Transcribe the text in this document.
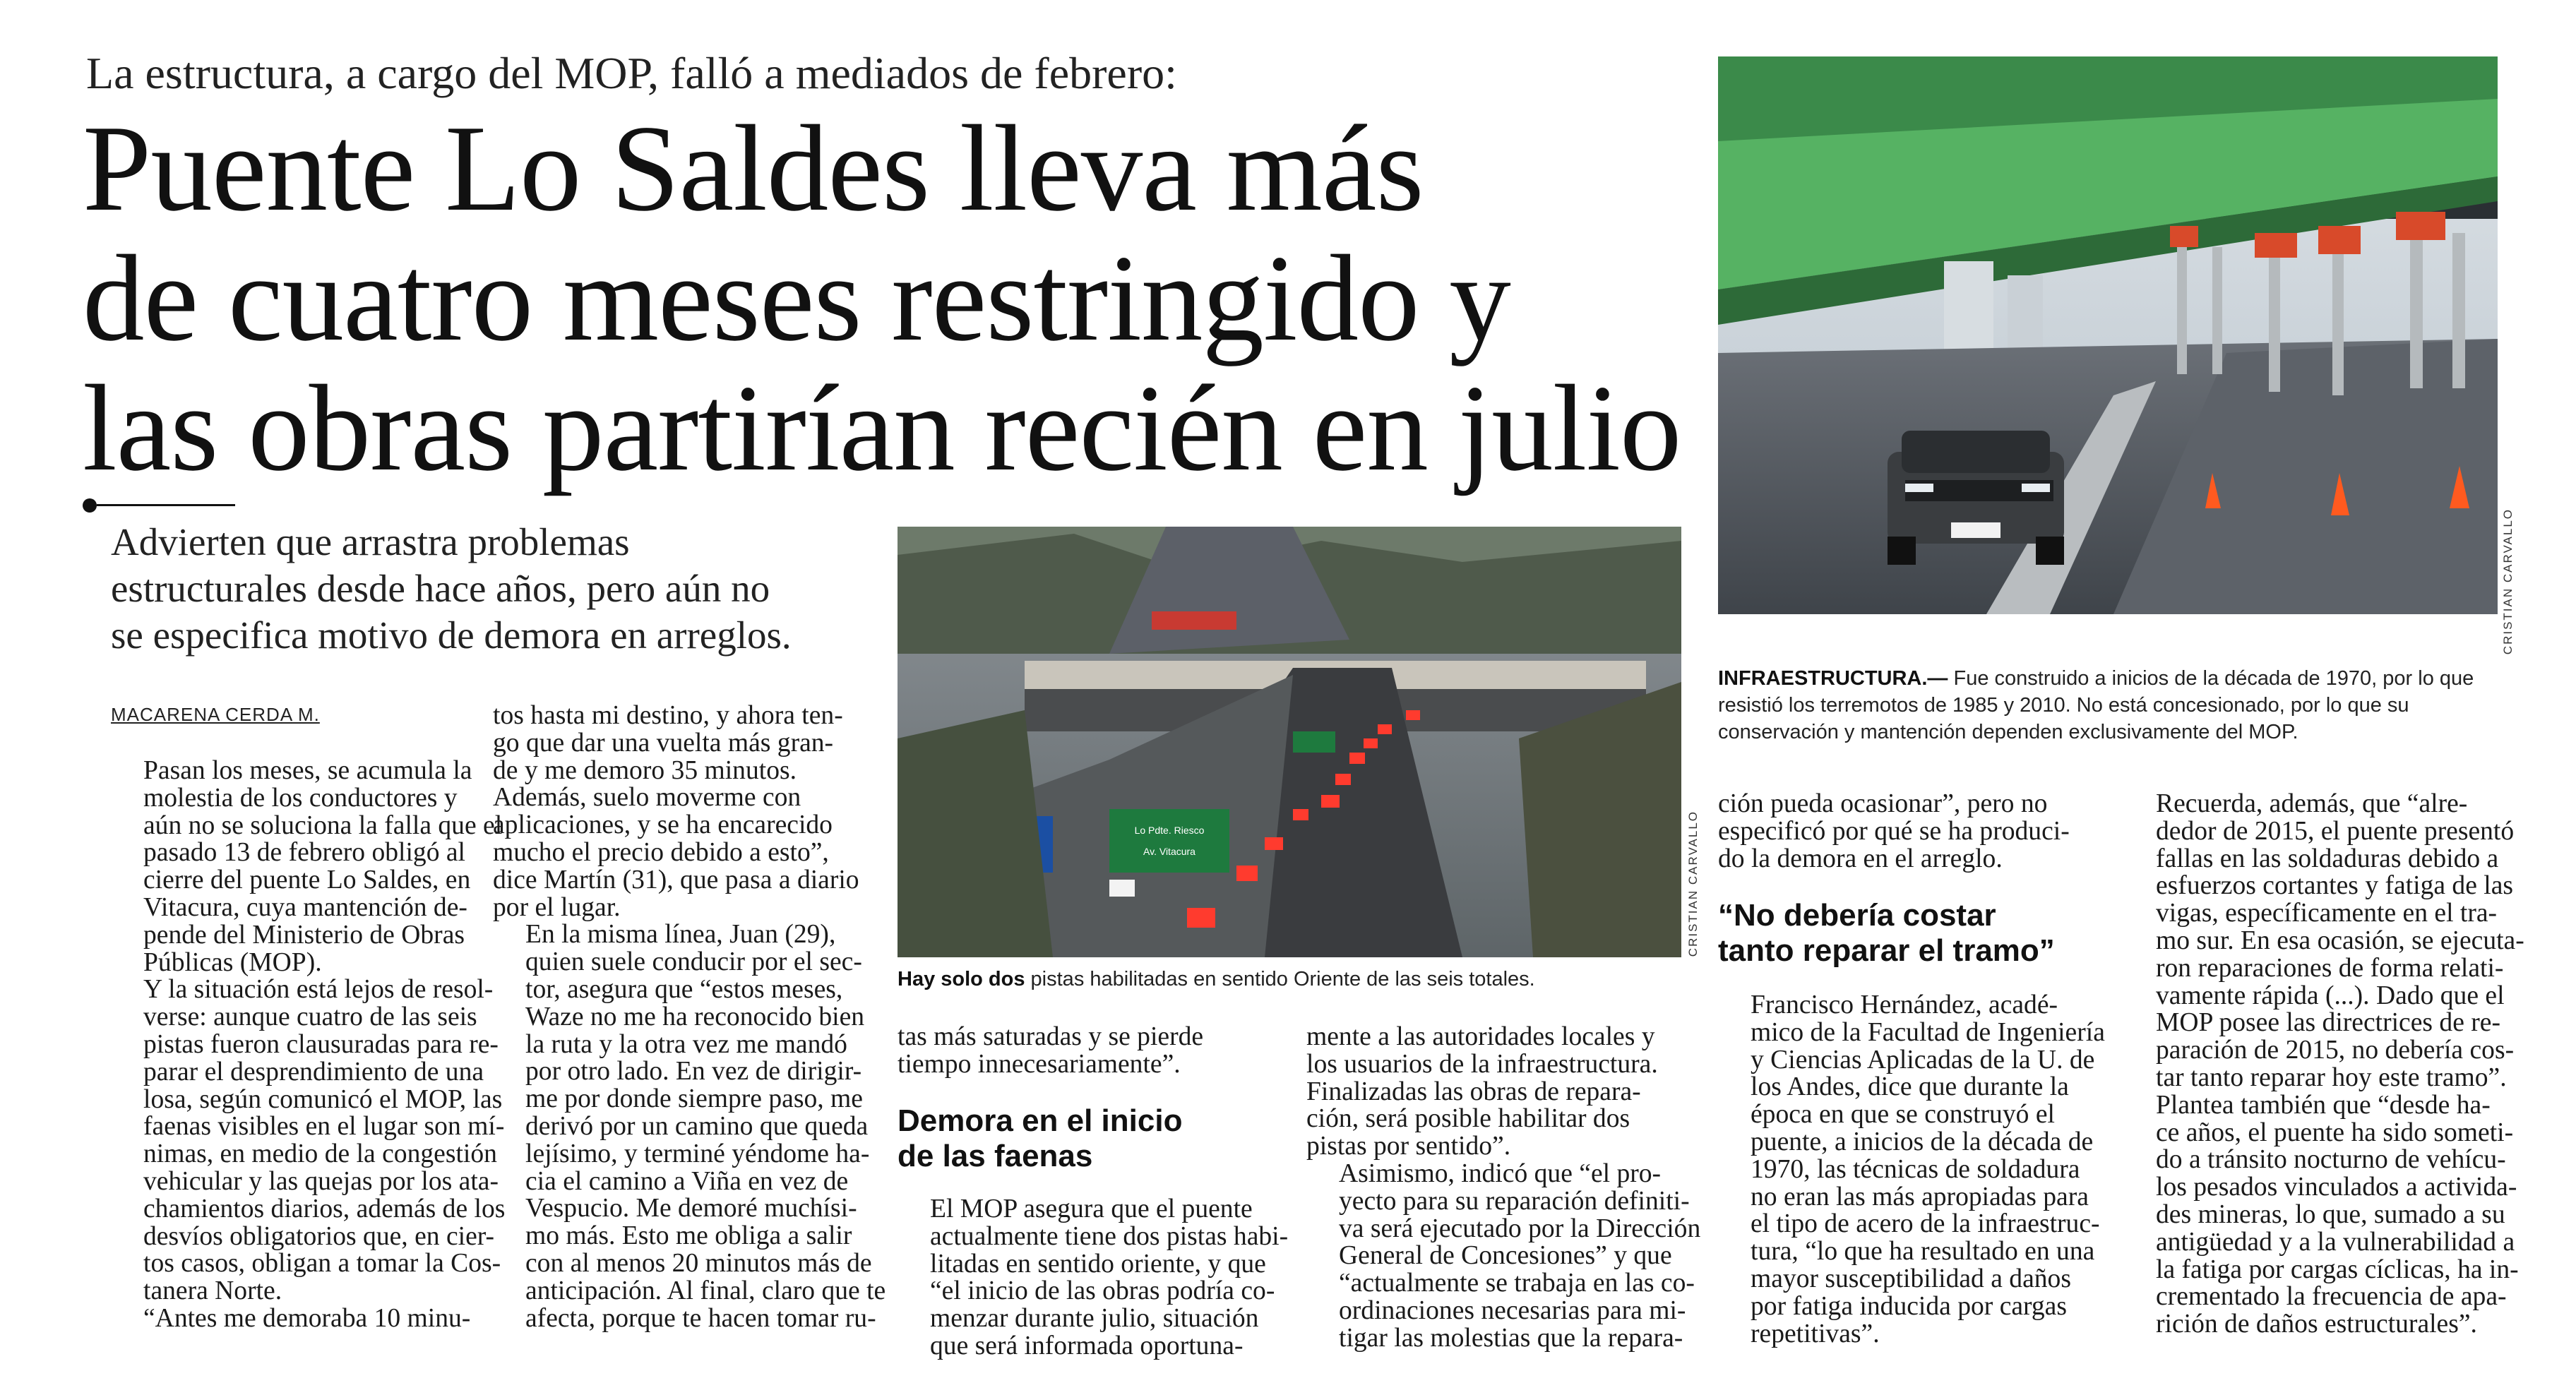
La estructura, a cargo del MOP, falló a mediados de febrero:
Puente Lo Saldes lleva más
de cuatro meses restringido y
las obras partirían recién en julio
Advierten que arrastra problemas
estructurales desde hace años, pero aún no
se especifica motivo de demora en arreglos.
MACARENA CERDA M.
CRISTIAN CARVALLO
INFRAESTRUCTURA.— Fue construido a inicios de la década de 1970, por lo que resistió los terremotos de 1985 y 2010. No está concesionado, por lo que su conservación y mantención dependen exclusivamente del MOP.
Lo Pdte. Riesco
Av. Vitacura	CRISTIAN CARVALLO
Hay solo dos pistas habilitadas en sentido Oriente de las seis totales.

Pasan los meses, se acumula la
molestia de los conductores y
aún no se soluciona la falla que el
pasado 13 de febrero obligó al
cierre del puente Lo Saldes, en
Vitacura, cuya mantención de-
pende del Ministerio de Obras
Públicas (MOP).

Y la situación está lejos de resol-
verse: aunque cuatro de las seis
pistas fueron clausuradas para re-
parar el desprendimiento de una
losa, según comunicó el MOP, las
faenas visibles en el lugar son mí-
nimas, en medio de la congestión
vehicular y las quejas por los ata-
chamientos diarios, además de los
desvíos obligatorios que, en cier-
tos casos, obligan a tomar la Cos-
tanera Norte.

“Antes me demoraba 10 minu-

tos hasta mi destino, y ahora ten-
go que dar una vuelta más gran-
de y me demoro 35 minutos.
Además, suelo moverme con
aplicaciones, y se ha encarecido
mucho el precio debido a esto”,
dice Martín (31), que pasa a diario
por el lugar.

En la misma línea, Juan (29),
quien suele conducir por el sec-
tor, asegura que “estos meses,
Waze no me ha reconocido bien
la ruta y la otra vez me mandó
por otro lado. En vez de dirigir-
me por donde siempre paso, me
derivó por un camino que queda
lejísimo, y terminé yéndome ha-
cia el camino a Viña en vez de
Vespucio. Me demoré muchísi-
mo más. Esto me obliga a salir
con al menos 20 minutos más de
anticipación. Al final, claro que te
afecta, porque te hacen tomar ru-

tas más saturadas y se pierde
tiempo innecesariamente”.

Demora en el inicio
de las faenas

El MOP asegura que el puente
actualmente tiene dos pistas habi-
litadas en sentido oriente, y que
“el inicio de las obras podría co-
menzar durante julio, situación
que será informada oportuna-

mente a las autoridades locales y
los usuarios de la infraestructura.
Finalizadas las obras de repara-
ción, será posible habilitar dos
pistas por sentido”.

Asimismo, indicó que “el pro-
yecto para su reparación definiti-
va será ejecutado por la Dirección
General de Concesiones” y que
“actualmente se trabaja en las co-
ordinaciones necesarias para mi-
tigar las molestias que la repara-

ción pueda ocasionar”, pero no
especificó por qué se ha produci-
do la demora en el arreglo.

“No debería costar
tanto reparar el tramo”

Francisco Hernández, acadé-
mico de la Facultad de Ingeniería
y Ciencias Aplicadas de la U. de
los Andes, dice que durante la
época en que se construyó el
puente, a inicios de la década de
1970, las técnicas de soldadura
no eran las más apropiadas para
el tipo de acero de la infraestruc-
tura, “lo que ha resultado en una
mayor susceptibilidad a daños
por fatiga inducida por cargas
repetitivas”.

Recuerda, además, que “alre-
dedor de 2015, el puente presentó
fallas en las soldaduras debido a
esfuerzos cortantes y fatiga de las
vigas, específicamente en el tra-
mo sur. En esa ocasión, se ejecuta-
ron reparaciones de forma relati-
vamente rápida (...). Dado que el
MOP posee las directrices de re-
paración de 2015, no debería cos-
tar tanto reparar hoy este tramo”.

Plantea también que “desde ha-
ce años, el puente ha sido someti-
do a tránsito nocturno de vehícu-
los pesados vinculados a activida-
des mineras, lo que, sumado a su
antigüedad y a la vulnerabilidad a
la fatiga por cargas cíclicas, ha in-
crementado la frecuencia de apa-
rición de daños estructurales”.
